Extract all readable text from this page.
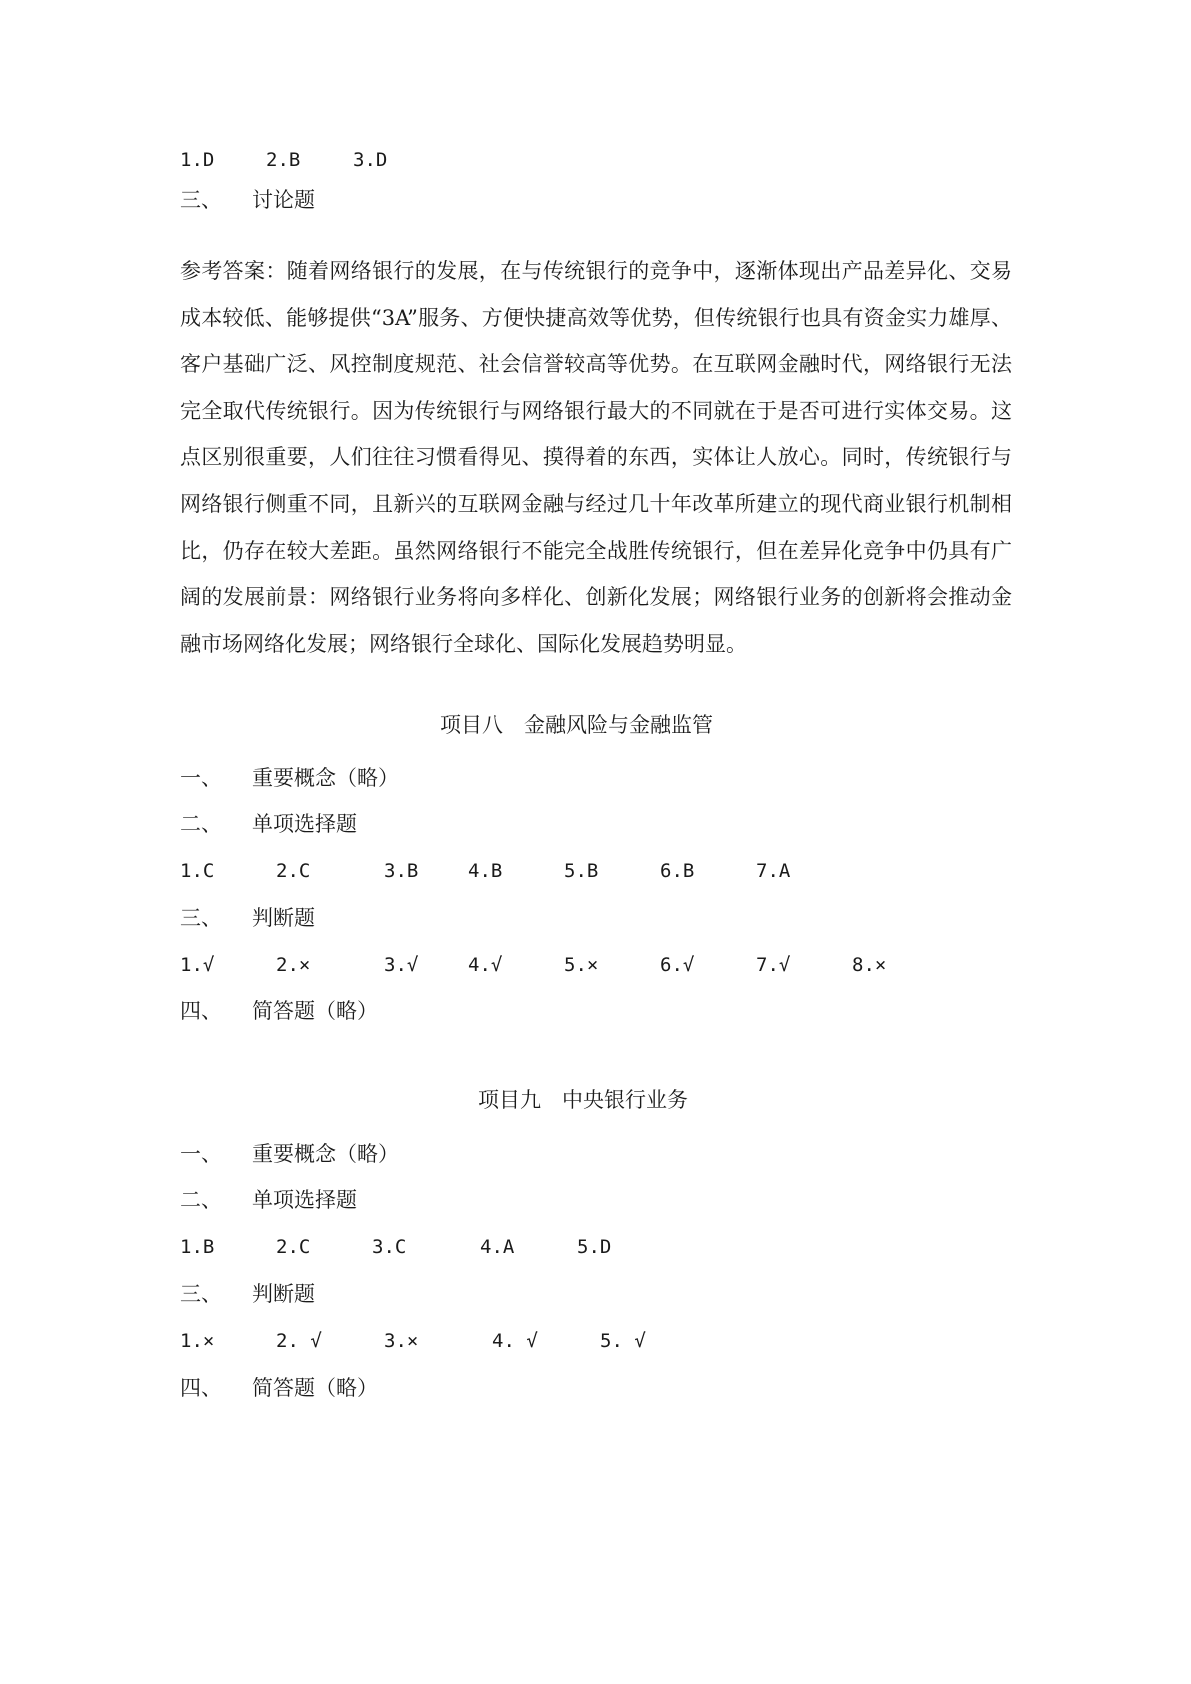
1.D	2.B	3.D
三、 讨论题
参考答案：随着网络银行的发展，在与传统银行的竞争中，逐渐体现出产品差异化、交易成本较低、能够提供“3A”服务、方便快捷高效等优势，但传统银行也具有资金实力雄厚、客户基础广泛、风控制度规范、社会信誉较高等优势。在互联网金融时代，网络银行无法完全取代传统银行。因为传统银行与网络银行最大的不同就在于是否可进行实体交易。这点区别很重要，人们往往习惯看得见、摸得着的东西，实体让人放心。同时，传统银行与网络银行侧重不同，且新兴的互联网金融与经过几十年改革所建立的现代商业银行机制相比，仍存在较大差距。虽然网络银行不能完全战胜传统银行，但在差异化竞争中仍具有广阔的发展前景：网络银行业务将向多样化、创新化发展；网络银行业务的创新将会推动金融市场网络化发展；网络银行全球化、国际化发展趋势明显。
项目八 金融风险与金融监管
一、 重要概念（略）
二、 单项选择题
1.C	2.C	3.B	4.B	5.B	6.B	7.A
三、 判断题
1.√	2.×	3.√	4.√	5.×	6.√	7.√	8.×
四、 简答题（略）
项目九 中央银行业务
一、 重要概念（略）
二、 单项选择题
1.B	2.C	3.C	4.A	5.D
三、 判断题
1.×	2. √	3.×	4. √	5. √
四、 简答题（略）
